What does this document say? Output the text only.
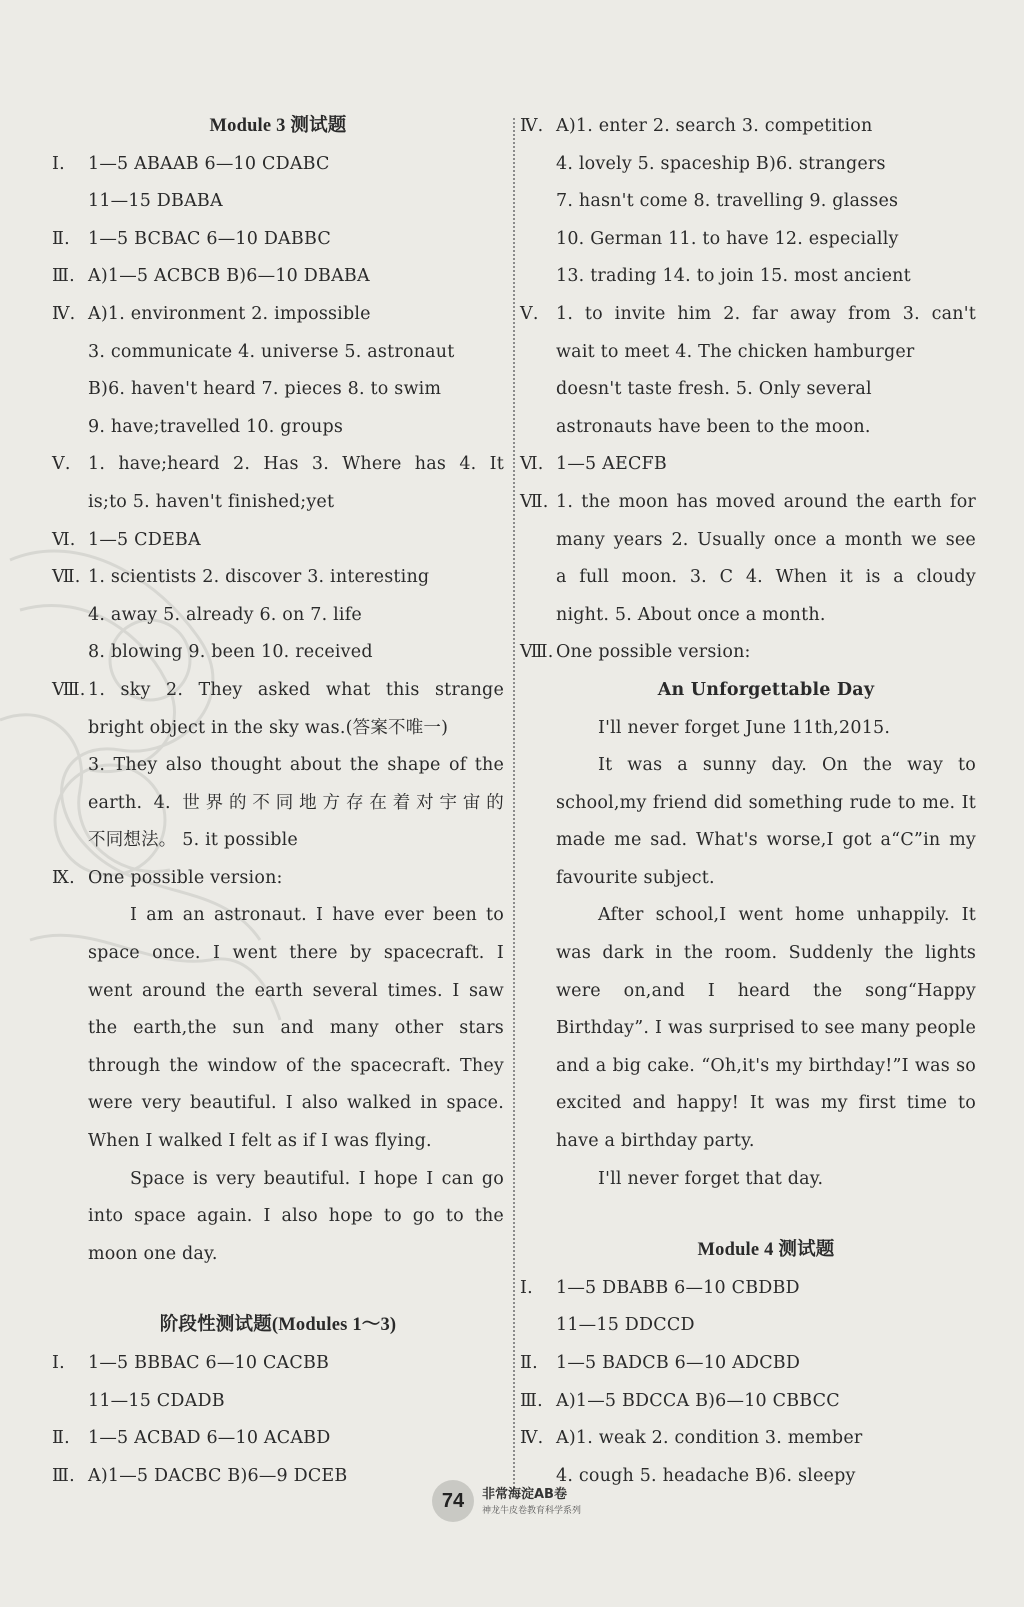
Module 3 测试题
Ⅰ.	1—5 ABAAB 6—10 CDABC
11—15 DBABA
Ⅱ.	1—5 BCBAC 6—10 DABBC
Ⅲ. A)1—5 ACBCB B)6—10 DBABA
Ⅳ. A)1. environment 2. impossible
3. communicate 4. universe 5. astronaut
B)6. haven't heard 7. pieces 8. to swim
9. have;travelled 10. groups
Ⅴ. 1. have;heard 2. Has 3. Where has 4. It
is;to 5. haven't finished;yet
Ⅵ. 1—5 CDEBA
Ⅶ. 1. scientists 2. discover 3. interesting
4. away 5. already 6. on 7. life
8. blowing 9. been 10. received
Ⅷ. 1. sky 2. They asked what this strange
bright object in the sky was.(答案不唯一)
3. They also thought about the shape of the
earth. 4. 世界的不同地方存在着对宇宙的
不同想法。 5. it possible
Ⅸ. One possible version:
I am an astronaut. I have ever been to space once. I went there by spacecraft. I went around the earth several times. I saw the earth,the sun and many other stars through the window of the spacecraft. They were very beautiful. I also walked in space. When I walked I felt as if I was flying.
Space is very beautiful. I hope I can go into space again. I also hope to go to the moon one day.
阶段性测试题(Modules 1～3)
Ⅰ.	1—5 BBBAC 6—10 CACBB
11—15 CDADB
Ⅱ.	1—5 ACBAD 6—10 ACABD
Ⅲ. A)1—5 DACBC B)6—9 DCEB
Ⅳ. A)1. enter 2. search 3. competition
4. lovely 5. spaceship B)6. strangers
7. hasn't come 8. travelling 9. glasses
10. German 11. to have 12. especially
13. trading 14. to join 15. most ancient
Ⅴ. 1. to invite him 2. far away from 3. can't
wait to meet 4. The chicken hamburger
doesn't taste fresh. 5. Only several
astronauts have been to the moon.
Ⅵ. 1—5 AECFB
Ⅶ. 1. the moon has moved around the earth for
many years 2. Usually once a month we see
a full moon. 3. C 4. When it is a cloudy
night. 5. About once a month.
Ⅷ. One possible version:
An Unforgettable Day
I'll never forget June 11th,2015.
It was a sunny day. On the way to school,my friend did something rude to me. It made me sad. What's worse,I got a“C”in my favourite subject.
After school,I went home unhappily. It was dark in the room. Suddenly the lights were on,and I heard the song“Happy Birthday”. I was surprised to see many people and a big cake. “Oh,it's my birthday!”I was so excited and happy! It was my first time to have a birthday party.
I'll never forget that day.
Module 4 测试题
Ⅰ.	1—5 DBABB 6—10 CBDBD
11—15 DDCCD
Ⅱ.	1—5 BADCB 6—10 ADCBD
Ⅲ. A)1—5 BDCCA B)6—10 CBBCC
Ⅳ. A)1. weak 2. condition 3. member
4. cough 5. headache B)6. sleepy
74	非常海淀AB卷
神龙牛皮卷教育科学系列
